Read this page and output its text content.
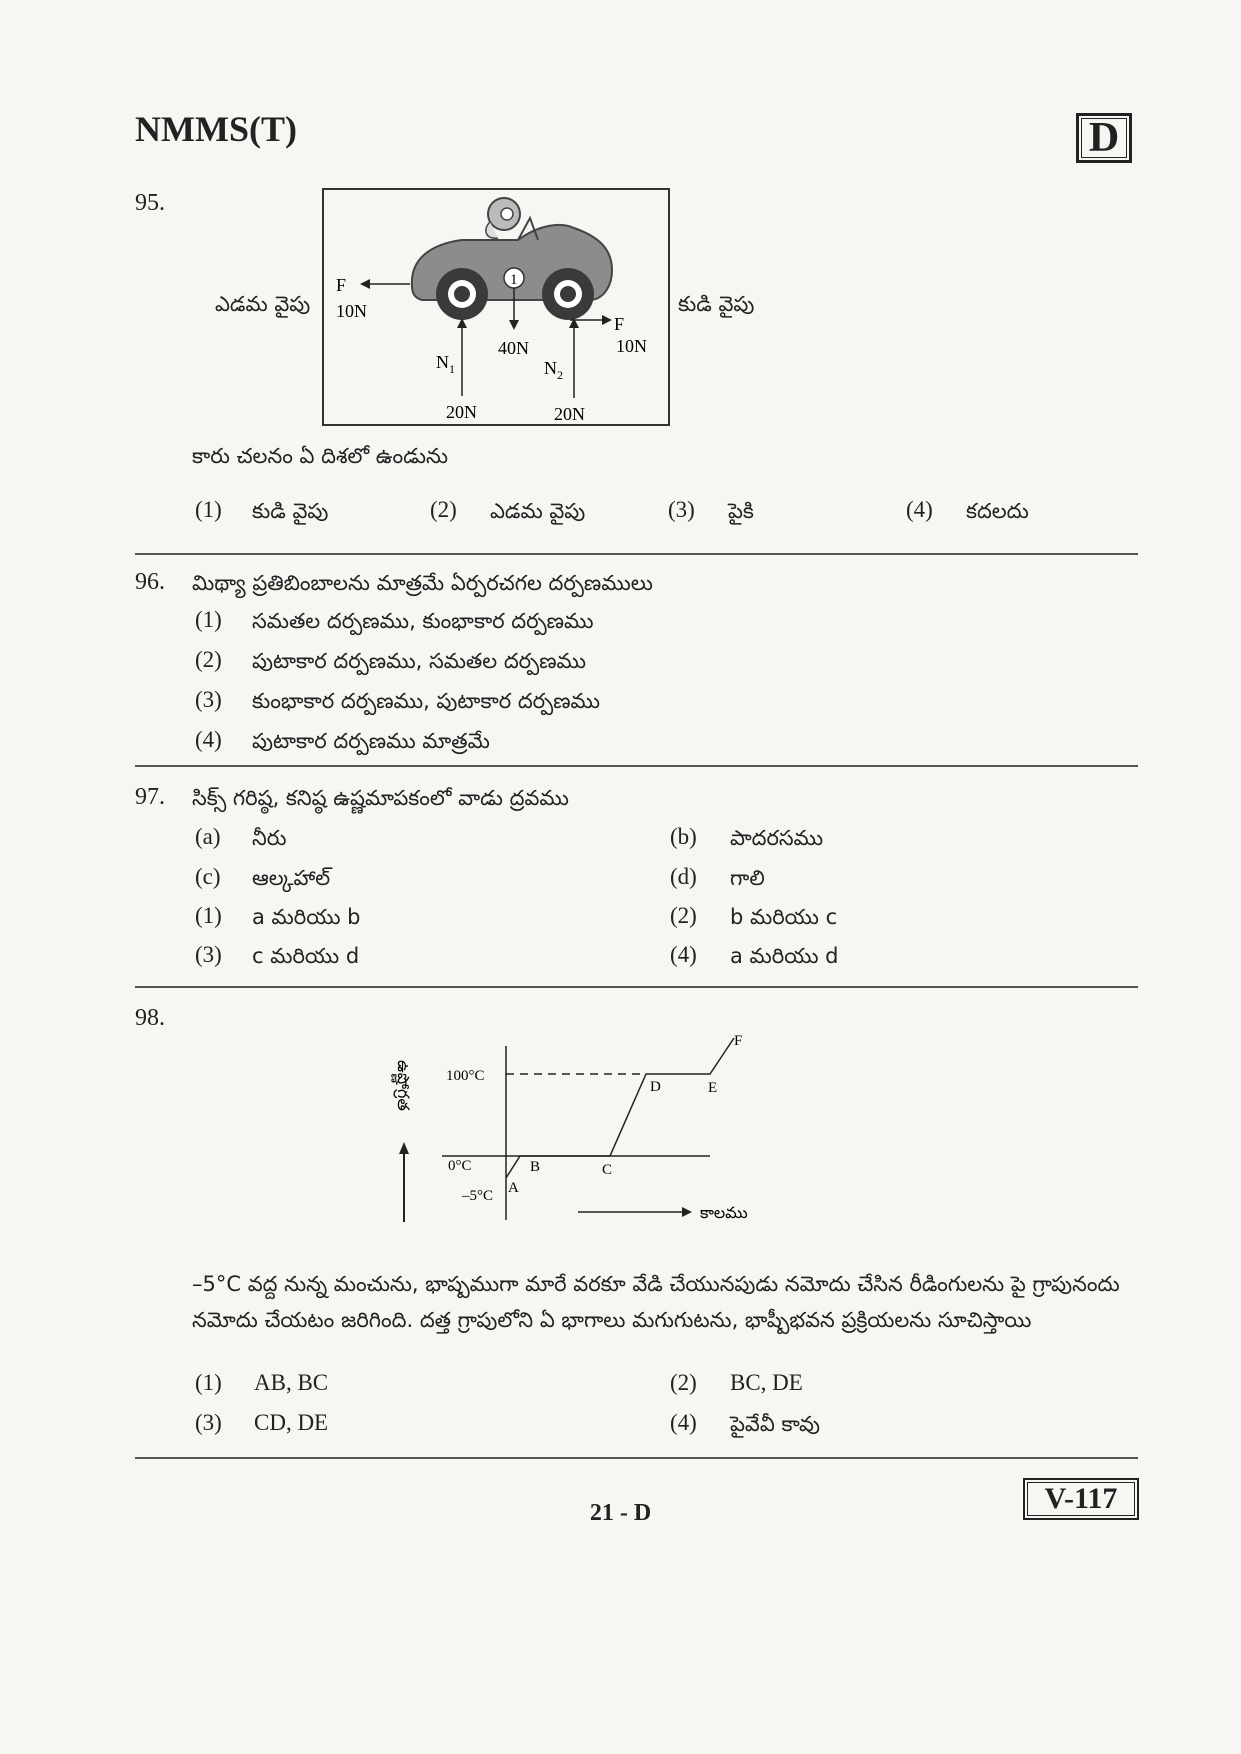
NMMS(T)	D
95.
ఎడమ వైపు	కుడి వైపు
1
F
10N
F
10N
$N_1$
20N
$N_2$
20N
40N
కారు చలనం ఏ దిశలో ఉండును
(1) కుడి వైపు	(2) ఎడమ వైపు	(3) పైకి	(4) కదలదు
96. మిథ్యా ప్రతిబింబాలను మాత్రమే ఏర్పరచగల దర్పణములు
(1) సమతల దర్పణము, కుంభాకార దర్పణము
(2) పుటాకార దర్పణము, సమతల దర్పణము
(3) కుంభాకార దర్పణము, పుటాకార దర్పణము
(4) పుటాకార దర్పణము మాత్రమే
97. సిక్స్ గరిష్ఠ, కనిష్ఠ ఉష్ణమాపకంలో వాడు ద్రవము
(a) నీరు	(b) పాదరసము
(c) ఆల్కహాల్	(d) గాలి
(1) a మరియు b	(2) b మరియు c
(3) c మరియు d	(4) a మరియు d
98.
ఉష్ణోగ్రత 100°C
0°C
–5°C A
B	C
D	E
F
కాలము
–5°C వద్ద నున్న మంచును, భాష్పముగా మారే వరకూ వేడి చేయునపుడు నమోదు చేసిన రీడింగులను పై గ్రాపునందు నమోదు చేయటం జరిగింది. దత్త గ్రాపులోని ఏ భాగాలు మగుగుటను, భాష్పీభవన ప్రక్రియలను సూచిస్తాయి
(1) AB, BC	(2) BC, DE
(3) CD, DE	(4) పైవేవీ కావు
21 - D	V-117
